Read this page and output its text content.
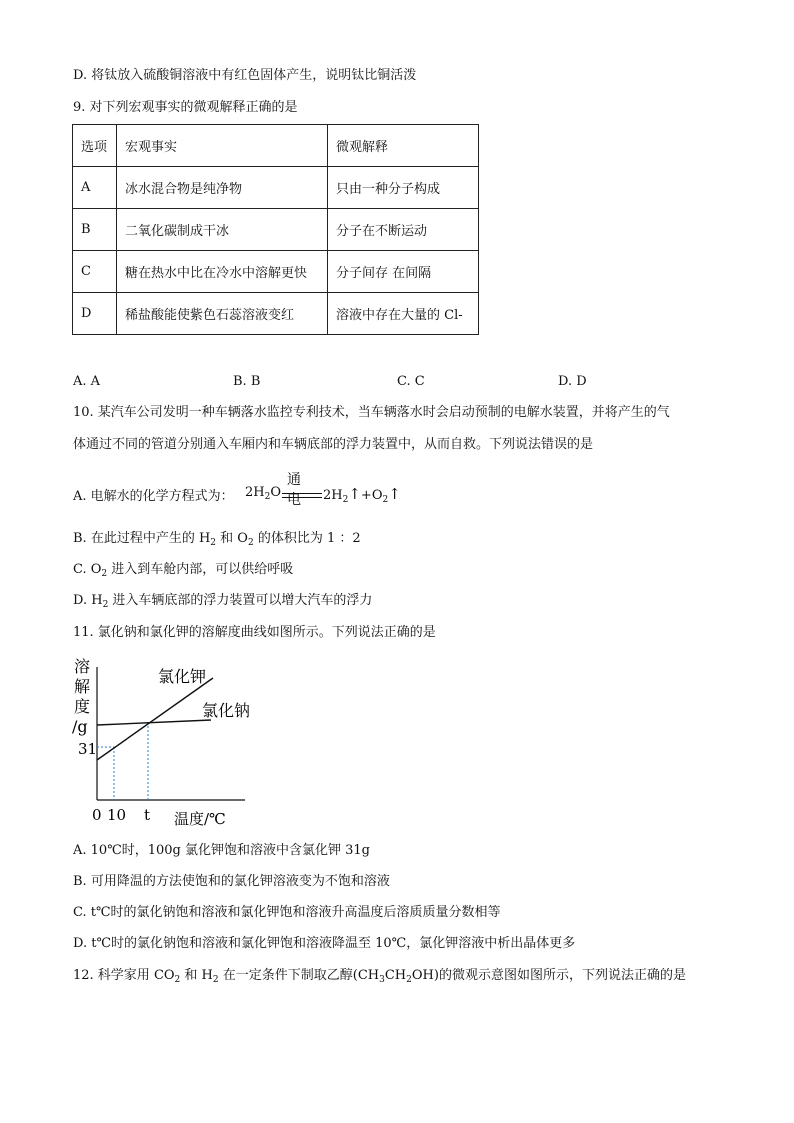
D. 将钛放入硫酸铜溶液中有红色固体产生，说明钛比铜活泼
9. 对下列宏观事实的微观解释正确的是
选项	宏观事实	微观解释
A	冰水混合物是纯净物	只由一种分子构成
B	二氧化碳制成干冰	分子在不断运动
C	糖在热水中比在冷水中溶解更快	分子间存 在间隔
D	稀盐酸能使紫色石蕊溶液变红	溶液中存在大量的 Cl-
A. A	B. B	C. C	D. D
10. 某汽车公司发明一种车辆落水监控专利技术，当车辆落水时会启动预制的电解水装置，并将产生的气
体通过不同的管道分别通入车厢内和车辆底部的浮力装置中，从而自救。下列说法错误的是
A. 电解水的化学方程式为： $2H_2O$
通电 $2H_2↑+O_2↑$
B. 在此过程中产生的 $H_2$ 和 $O_2$ 的体积比为 1 ：2
C. $O_2$ 进入到车舱内部，可以供给呼吸
D. $H_2$ 进入车辆底部的浮力装置可以增大汽车的浮力
11. 氯化钠和氯化钾的溶解度曲线如图所示。下列说法正确的是
溶
解
度
/g
31
氯化钾
氯化钠
0 10 t 温度/℃
A. 10℃时，100g 氯化钾饱和溶液中含氯化钾 31g
B. 可用降温的方法使饱和的氯化钾溶液变为不饱和溶液
C. t℃时的氯化钠饱和溶液和氯化钾饱和溶液升高温度后溶质质量分数相等
D. t℃时的氯化钠饱和溶液和氯化钾饱和溶液降温至 10℃，氯化钾溶液中析出晶体更多
12. 科学家用 $CO_2$ 和 $H_2$ 在一定条件下制取乙醇$(CH_3CH_2OH)$的微观示意图如图所示，下列说法正确的是
